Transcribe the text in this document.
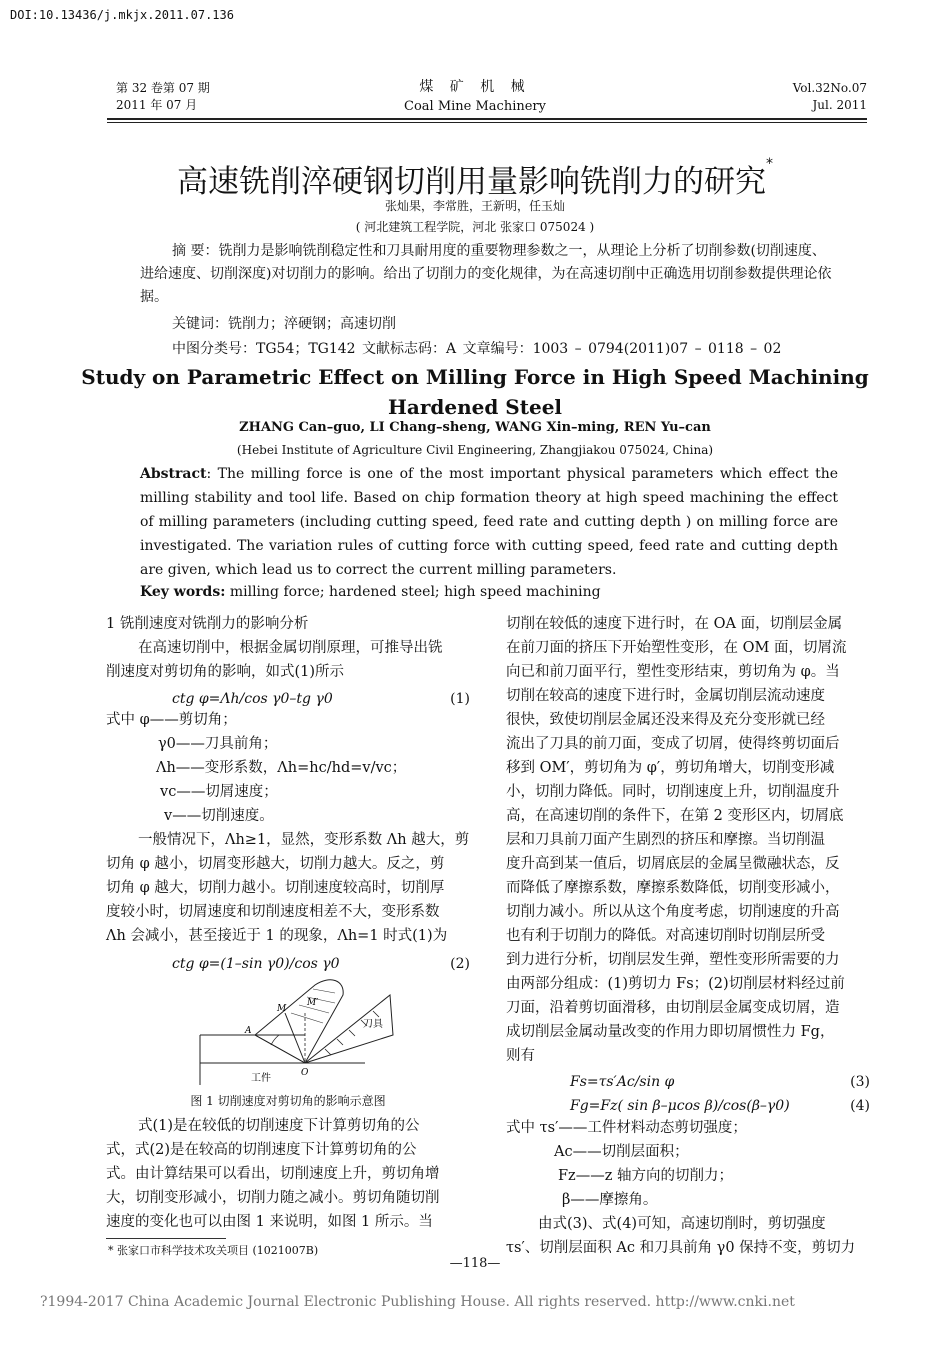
DOI:10.13436/j.mkjx.2011.07.136
第 32 卷第 07 期
2011 年 07 月
煤 矿 机 械
Coal Mine Machinery
Vol.32No.07
Jul. 2011
高速铣削淬硬钢切削用量影响铣削力的研究*
张灿果，李常胜，王新明，任玉灿
( 河北建筑工程学院，河北 张家口 075024 )
摘 要：铣削力是影响铣削稳定性和刀具耐用度的重要物理参数之一，从理论上分析了切削参数(切削速度、进给速度、切削深度)对切削力的影响。给出了切削力的变化规律，为在高速切削中正确选用切削参数提供理论依据。
关键词：铣削力；淬硬钢；高速切削
中图分类号：TG54；TG142 文献标志码：A 文章编号：1003 – 0794(2011)07 – 0118 – 02
Study on Parametric Effect on Milling Force in High Speed Machining
Hardened Steel
ZHANG Can–guo, LI Chang–sheng, WANG Xin–ming, REN Yu–can
(Hebei Institute of Agriculture Civil Engineering, Zhangjiakou 075024, China)
Abstract: The milling force is one of the most important physical parameters which effect the milling stability and tool life. Based on chip formation theory at high speed machining the effect of milling parameters (including cutting speed, feed rate and cutting depth ) on milling force are investigated. The variation rules of cutting force with cutting speed, feed rate and cutting depth are given, which lead us to correct the current milling parameters.
Key words: milling force; hardened steel; high speed machining
1 铣削速度对铣削力的影响分析
在高速切削中，根据金属切削原理，可推导出铣
削速度对剪切角的影响，如式(1)所示
ctg φ=Λh/cos γ0–tg γ0	(1)
式中 φ——剪切角；
γ0——刀具前角；
Λh——变形系数，Λh=hc/hd=v/vc；
vc——切屑速度；
v——切削速度。
一般情况下，Λh≥1，显然，变形系数 Λh 越大，剪
切角 φ 越小，切屑变形越大，切削力越大。反之，剪
切角 φ 越大，切削力越小。切削速度较高时，切削厚
度较小时，切屑速度和切削速度相差不大，变形系数
Λh 会减小，甚至接近于 1 的现象，Λh=1 时式(1)为
ctg φ=(1–sin γ0)/cos γ0	(2)
A
M
M′
O
刀具
工件
图 1 切削速度对剪切角的影响示意图
式(1)是在较低的切削速度下计算剪切角的公
式，式(2)是在较高的切削速度下计算剪切角的公
式。由计算结果可以看出，切削速度上升，剪切角增
大，切削变形减小，切削力随之减小。剪切角随切削
速度的变化也可以由图 1 来说明，如图 1 所示。当
* 张家口市科学技术攻关项目 (1021007B)
切削在较低的速度下进行时，在 OA 面，切削层金属
在前刀面的挤压下开始塑性变形，在 OM 面，切屑流
向已和前刀面平行，塑性变形结束，剪切角为 φ。当
切削在较高的速度下进行时，金属切削层流动速度
很快，致使切削层金属还没来得及充分变形就已经
流出了刀具的前刀面，变成了切屑，使得终剪切面后
移到 OM′，剪切角为 φ′，剪切角增大，切削变形减
小，切削力降低。同时，切削速度上升，切削温度升
高，在高速切削的条件下，在第 2 变形区内，切屑底
层和刀具前刀面产生剧烈的挤压和摩擦。当切削温
度升高到某一值后，切屑底层的金属呈微融状态，反
而降低了摩擦系数，摩擦系数降低，切削变形减小，
切削力减小。所以从这个角度考虑，切削速度的升高
也有利于切削力的降低。对高速切削时切削层所受
到力进行分析，切削层发生弹，塑性变形所需要的力
由两部分组成：(1)剪切力 Fs；(2)切削层材料经过前
刀面，沿着剪切面滑移，由切削层金属变成切屑，造
成切削层金属动量改变的作用力即切屑惯性力 Fg，
则有
Fs=τs′Ac/sin φ	(3)
Fg=Fz( sin β–μcos β)/cos(β–γ0)	(4)
式中 τs′——工件材料动态剪切强度；
Ac——切削层面积；
Fz——z 轴方向的切削力；
β——摩擦角。
由式(3)、式(4)可知，高速切削时，剪切强度
τs′、切削层面积 Ac 和刀具前角 γ0 保持不变，剪切力
—118—
?1994-2017 China Academic Journal Electronic Publishing House. All rights reserved. http://www.cnki.net
